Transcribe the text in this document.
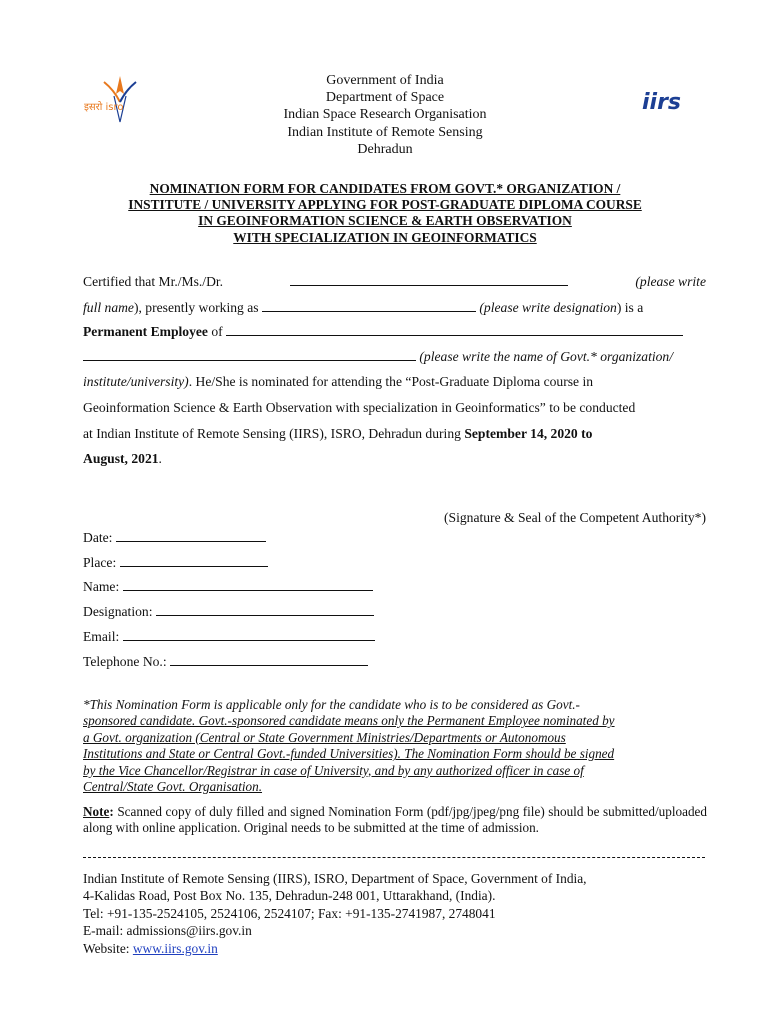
इसरो isro	iirs
Government of India
Department of Space
Indian Space Research Organisation
Indian Institute of Remote Sensing
Dehradun
NOMINATION FORM FOR CANDIDATES FROM GOVT.* ORGANIZATION /
INSTITUTE / UNIVERSITY APPLYING FOR POST-GRADUATE DIPLOMA COURSE
IN GEOINFORMATION SCIENCE & EARTH OBSERVATION
WITH SPECIALIZATION IN GEOINFORMATICS
Certified that Mr./Ms./Dr.	(please write
full name), presently working as	(please write designation) is a
Permanent Employee of
(please write the name of Govt.* organization/
institute/university). He/She is nominated for attending the “Post-Graduate Diploma course in
Geoinformation Science & Earth Observation with specialization in Geoinformatics” to be conducted
at Indian Institute of Remote Sensing (IIRS), ISRO, Dehradun during September 14, 2020 to
August, 2021.
(Signature & Seal of the Competent Authority*)
Date:
Place:
Name:
Designation:
Email:
Telephone No.:
*This Nomination Form is applicable only for the candidate who is to be considered as Govt.-
sponsored candidate. Govt.-sponsored candidate means only the Permanent Employee nominated by
a Govt. organization (Central or State Government Ministries/Departments or Autonomous
Institutions and State or Central Govt.-funded Universities). The Nomination Form should be signed
by the Vice Chancellor/Registrar in case of University, and by any authorized officer in case of
Central/State Govt. Organisation.
Note: Scanned copy of duly filled and signed Nomination Form (pdf/jpg/jpeg/png file) should be submitted/uploaded along with online application. Original needs to be submitted at the time of admission.
Indian Institute of Remote Sensing (IIRS), ISRO, Department of Space, Government of India,
4-Kalidas Road, Post Box No. 135, Dehradun-248 001, Uttarakhand, (India).
Tel: +91-135-2524105, 2524106, 2524107; Fax: +91-135-2741987, 2748041
E-mail: admissions@iirs.gov.in
Website: www.iirs.gov.in
